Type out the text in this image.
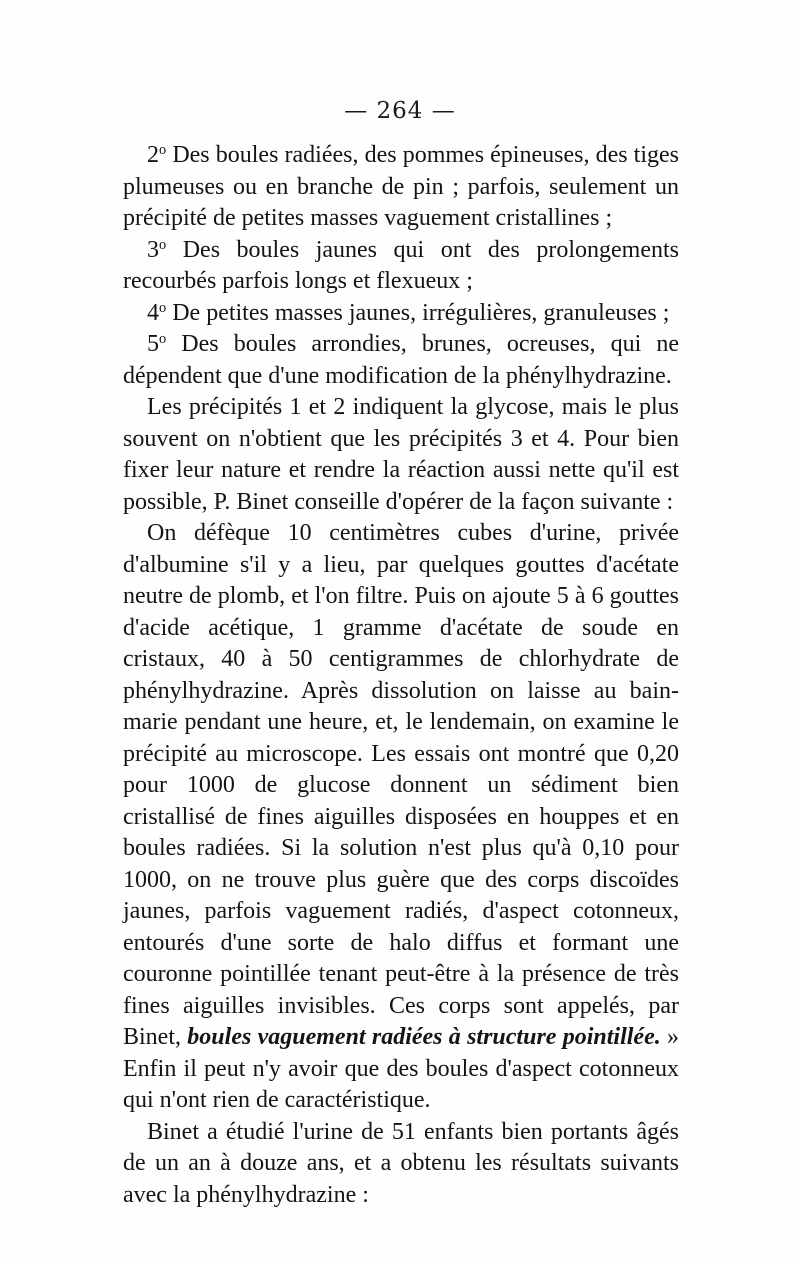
— 264 —

2$^o$ Des boules radiées, des pommes épineuses, des tiges plumeuses ou en branche de pin ; parfois, seulement un précipité de petites masses vaguement cristallines ;

3$^o$ Des boules jaunes qui ont des prolongements recourbés parfois longs et flexueux ;

4$^o$ De petites masses jaunes, irrégulières, granuleuses ;

5$^o$ Des boules arrondies, brunes, ocreuses, qui ne dépendent que d'une modification de la phénylhydrazine.

Les précipités 1 et 2 indiquent la glycose, mais le plus souvent on n'obtient que les précipités 3 et 4. Pour bien fixer leur nature et rendre la réaction aussi nette qu'il est possible, P. Binet conseille d'opérer de la façon suivante :

On défèque 10 centimètres cubes d'urine, privée d'albumine s'il y a lieu, par quelques gouttes d'acétate neutre de plomb, et l'on filtre. Puis on ajoute 5 à 6 gouttes d'acide acétique, 1 gramme d'acétate de soude en cristaux, 40 à 50 centigrammes de chlorhydrate de phénylhydrazine. Après dissolution on laisse au bain-marie pendant une heure, et, le lendemain, on examine le précipité au microscope. Les essais ont montré que 0,20 pour 1000 de glucose donnent un sédiment bien cristallisé de fines aiguilles disposées en houppes et en boules radiées. Si la solution n'est plus qu'à 0,10 pour 1000, on ne trouve plus guère que des corps discoïdes jaunes, parfois vaguement radiés, d'aspect cotonneux, entourés d'une sorte de halo diffus et formant une couronne pointillée tenant peut-être à la présence de très fines aiguilles invisibles. Ces corps sont appelés, par Binet, boules vaguement radiées à structure pointillée. » Enfin il peut n'y avoir que des boules d'aspect cotonneux qui n'ont rien de caractéristique.

Binet a étudié l'urine de 51 enfants bien portants âgés de un an à douze ans, et a obtenu les résultats suivants avec la phénylhydrazine :
